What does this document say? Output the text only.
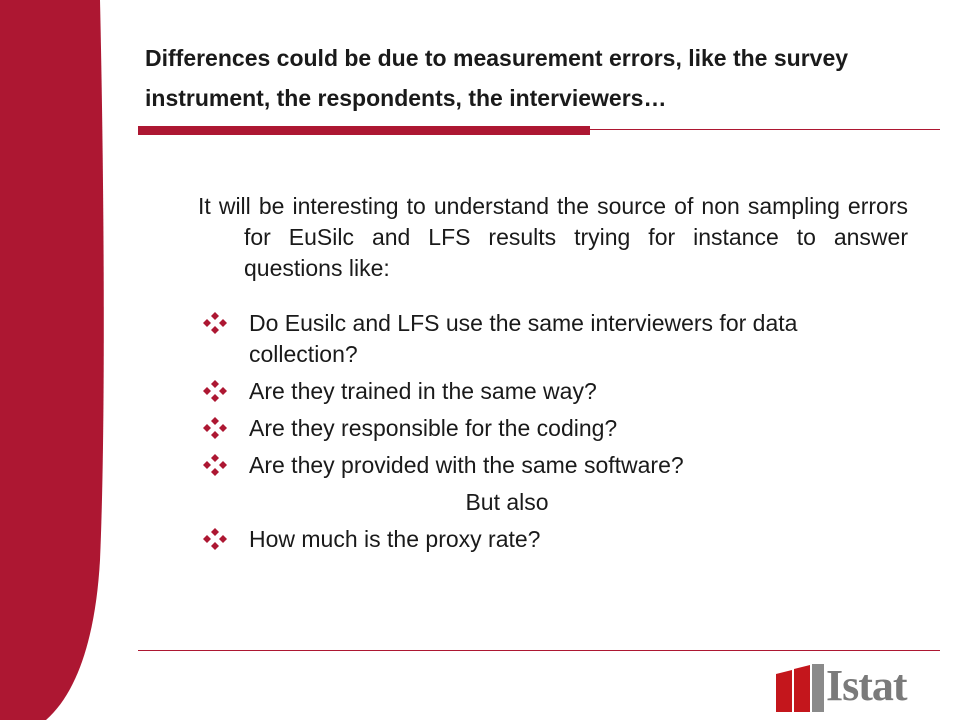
Differences could be due to measurement errors, like the survey instrument, the respondents, the interviewers…

It will be interesting to understand the source of non sampling errors for EuSilc and LFS results trying for instance to answer questions like:

Do Eusilc and LFS use the same interviewers for data collection?
Are they trained in the same way?
Are they responsible for the coding?
Are they provided with the same software?
But also
How much is the proxy rate?
Istat
